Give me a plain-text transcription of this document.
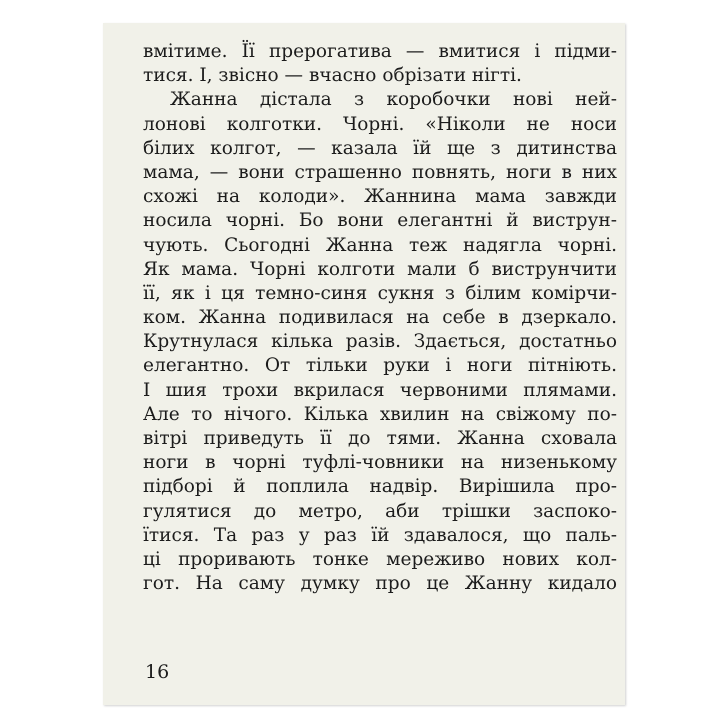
вмітиме. Її прерогатива — вмитися і підми-
тися. І, звісно — вчасно обрізати нігті.
Жанна дістала з коробочки нові ней-
лонові колготки. Чорні. «Ніколи не носи
білих колгот, — казала їй ще з дитинства
мама, — вони страшенно повнять, ноги в них
схожі на колоди». Жаннина мама завжди
носила чорні. Бо вони елегантні й виструн-
чують. Сьогодні Жанна теж надягла чорні.
Як мама. Чорні колготи мали б виструнчити
її, як і ця темно-синя сукня з білим комірчи-
ком. Жанна подивилася на себе в дзеркало.
Крутнулася кілька разів. Здається, достатньо
елегантно. От тільки руки і ноги пітніють.
І шия трохи вкрилася червоними плямами.
Але то нічого. Кілька хвилин на свіжому по-
вітрі приведуть її до тями. Жанна сховала
ноги в чорні туфлі-човники на низенькому
підборі й поплила надвір. Вирішила про-
гулятися до метро, аби трішки заспоко-
їтися. Та раз у раз їй здавалося, що паль-
ці проривають тонке мереживо нових кол-
гот. На саму думку про це Жанну кидало
16
